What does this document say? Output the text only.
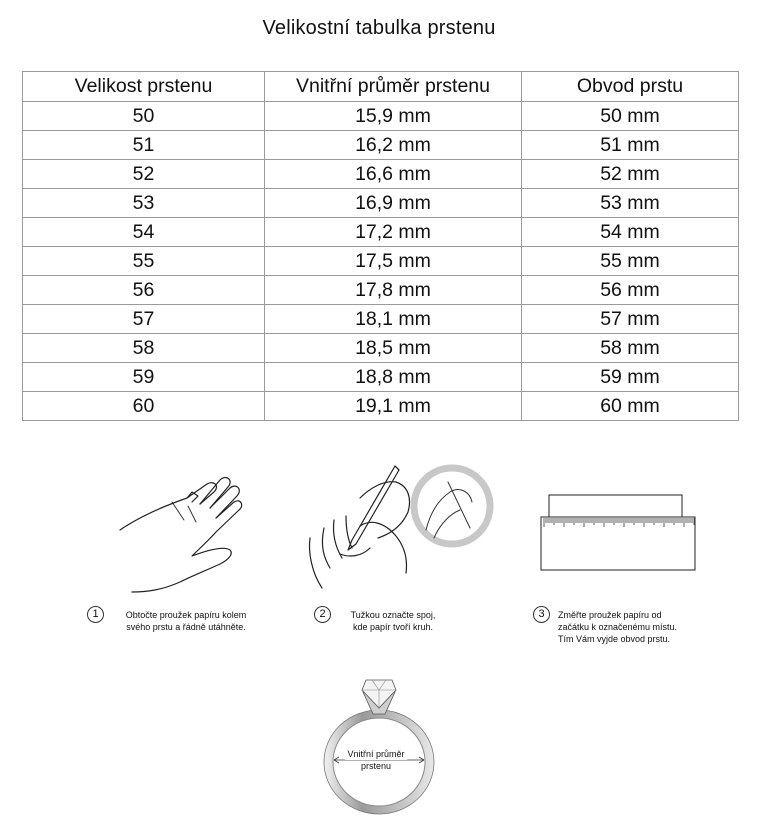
Velikostní tabulka prstenu
Velikost prstenu	Vnitřní průměr prstenu	Obvod prstu
50	15,9 mm	50 mm
51	16,2 mm	51 mm
52	16,6 mm	52 mm
53	16,9 mm	53 mm
54	17,2 mm	54 mm
55	17,5 mm	55 mm
56	17,8 mm	56 mm
57	18,1 mm	57 mm
58	18,5 mm	58 mm
59	18,8 mm	59 mm
60	19,1 mm	60 mm
1	Obtočte proužek papíru kolem
svého prstu a řádně utáhněte.
2	Tužkou označte spoj,
kde papír tvoří kruh.
3	Změřte proužek papíru od
začátku k označenému místu.
Tím Vám vyjde obvod prstu.
Vnitřní průměr
prstenu
